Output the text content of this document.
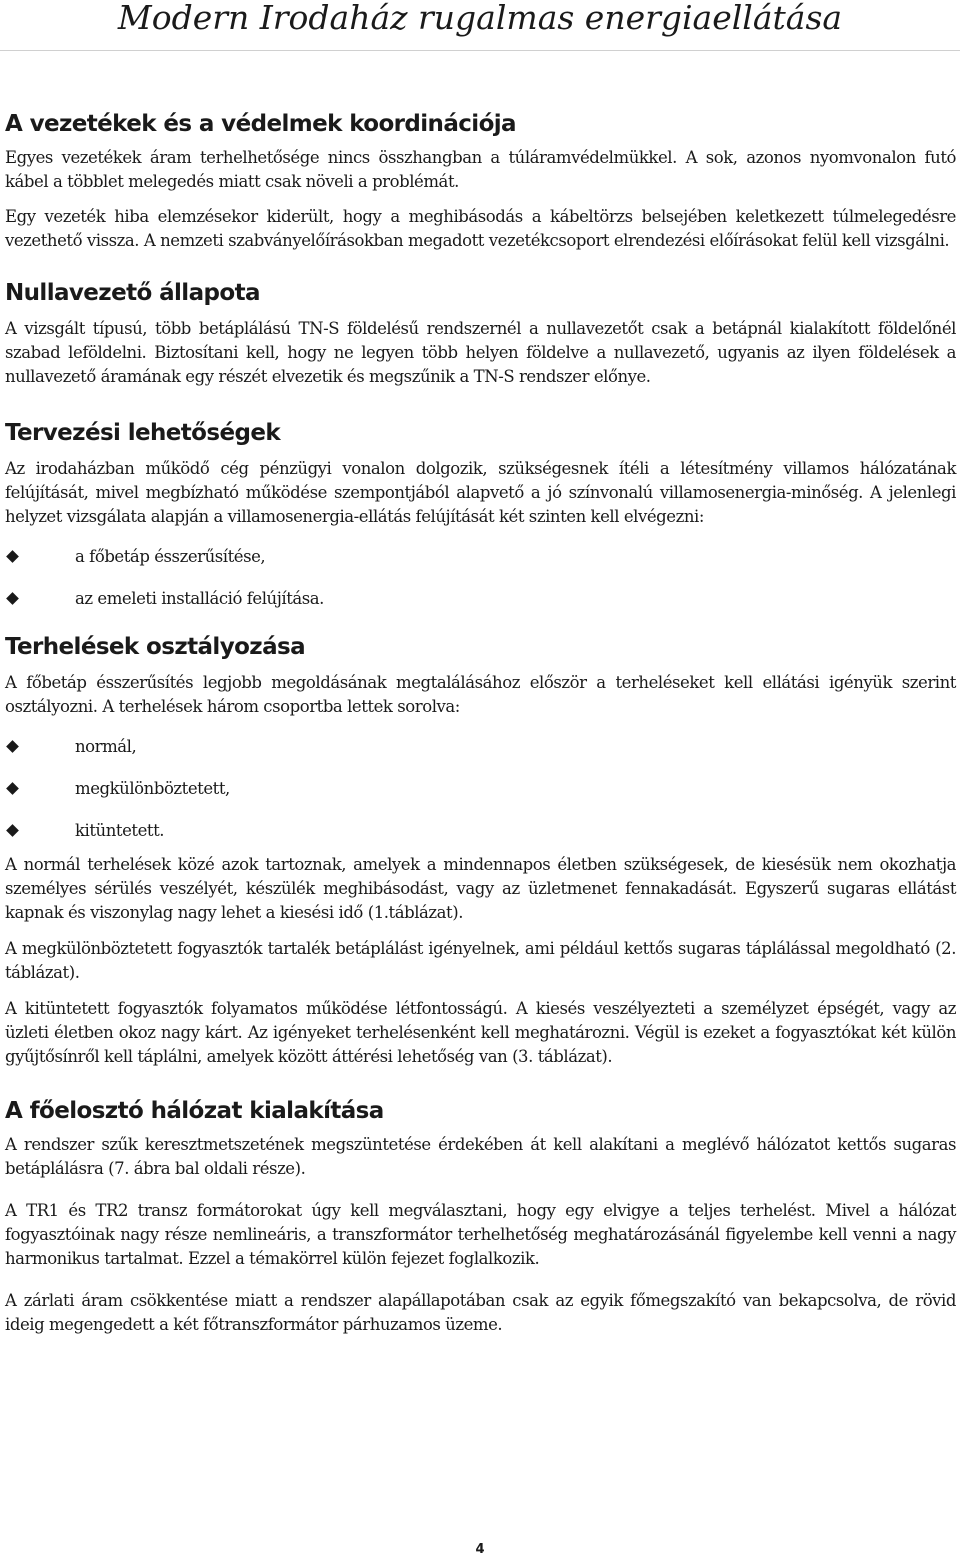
Modern Irodaház rugalmas energiaellátása
A vezetékek és a védelmek koordinációja

Egyes vezetékek áram terhelhetősége nincs összhangban a túláramvédelmükkel. A sok, azonos nyomvonalon futó kábel a többlet melegedés miatt csak növeli a problémát.

Egy vezeték hiba elemzésekor kiderült, hogy a meghibásodás a kábeltörzs belsejében keletkezett túlmelegedésre vezethető vissza. A nemzeti szabványelőírásokban megadott vezetékcsoport elrendezési előírásokat felül kell vizsgálni.

Nullavezető állapota

A vizsgált típusú, több betáplálású TN-S földelésű rendszernél a nullavezetőt csak a betápnál kialakított földelőnél szabad leföldelni. Biztosítani kell, hogy ne legyen több helyen földelve a nullavezető, ugyanis az ilyen földelések a nullavezető áramának egy részét elvezetik és megszűnik a TN-S rendszer előnye.

Tervezési lehetőségek

Az irodaházban működő cég pénzügyi vonalon dolgozik, szükségesnek ítéli a létesítmény villamos hálózatának felújítását, mivel megbízható működése szempontjából alapvető a jó színvonalú villamosenergia-minőség. A jelenlegi helyzet vizsgálata alapján a villamosenergia-ellátás felújítását két szinten kell elvégezni:

a főbetáp ésszerűsítése,
az emeleti installáció felújítása.
Terhelések osztályozása

A főbetáp ésszerűsítés legjobb megoldásának megtalálásához először a terheléseket kell ellátási igényük szerint osztályozni. A terhelések három csoportba lettek sorolva:

normál,
megkülönböztetett,
kitüntetett.

A normál terhelések közé azok tartoznak, amelyek a mindennapos életben szükségesek, de kiesésük nem okozhatja személyes sérülés veszélyét, készülék meghibásodást, vagy az üzletmenet fennakadását. Egyszerű sugaras ellátást kapnak és viszonylag nagy lehet a kiesési idő (1.táblázat).

A megkülönböztetett fogyasztók tartalék betáplálást igényelnek, ami például kettős sugaras táplálással megoldható (2. táblázat).

A kitüntetett fogyasztók folyamatos működése létfontosságú. A kiesés veszélyezteti a személyzet épségét, vagy az üzleti életben okoz nagy kárt. Az igényeket terhelésenként kell meghatározni. Végül is ezeket a fogyasztókat két külön gyűjtősínről kell táplálni, amelyek között áttérési lehetőség van (3. táblázat).

A főelosztó hálózat kialakítása

A rendszer szűk keresztmetszetének megszüntetése érdekében át kell alakítani a meglévő hálózatot kettős sugaras betáplálásra (7. ábra bal oldali része).

A TR1 és TR2 transz formátorokat úgy kell megválasztani, hogy egy elvigye a teljes terhelést. Mivel a hálózat fogyasztóinak nagy része nemlineáris, a transzformátor terhelhetőség meghatározásánál figyelembe kell venni a nagy harmonikus tartalmat. Ezzel a témakörrel külön fejezet foglalkozik.

A zárlati áram csökkentése miatt a rendszer alapállapotában csak az egyik főmegszakító van bekapcsolva, de rövid ideig megengedett a két főtranszformátor párhuzamos üzeme.

4
